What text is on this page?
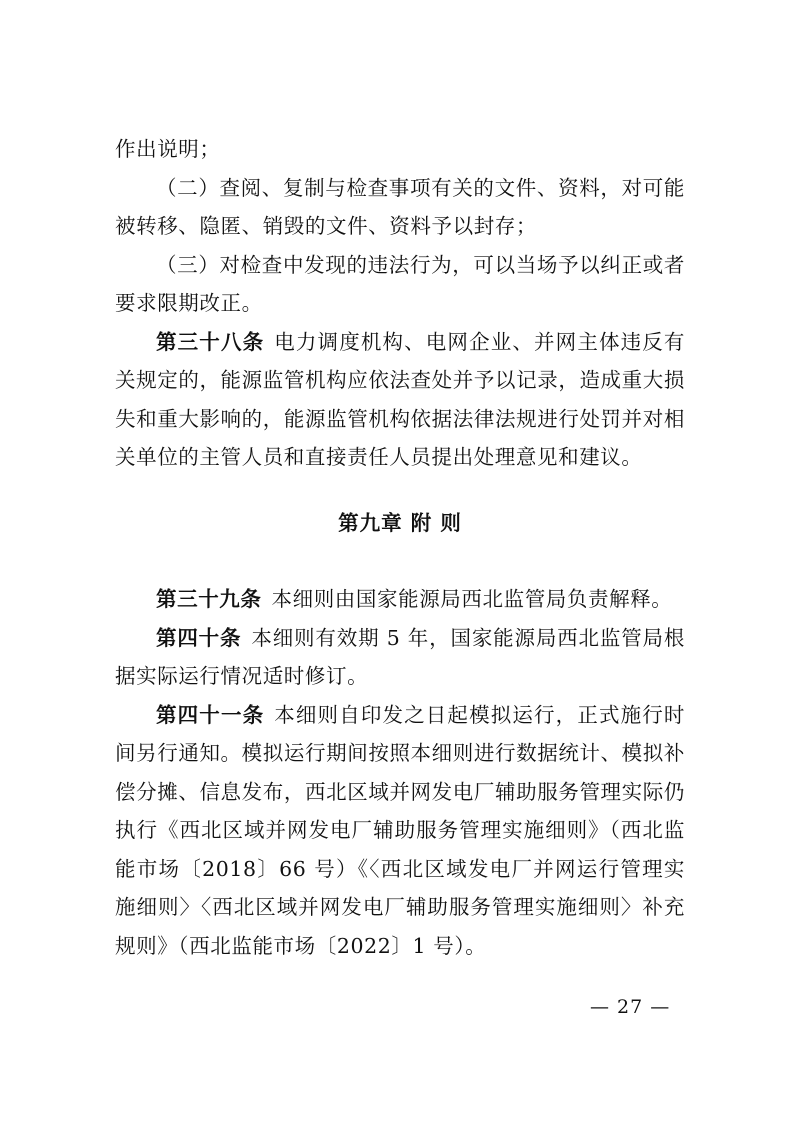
作出说明；

（二）查阅、复制与检查事项有关的文件、资料，对可能被转移、隐匿、销毁的文件、资料予以封存；

（三）对检查中发现的违法行为，可以当场予以纠正或者要求限期改正。

第三十八条 电力调度机构、电网企业、并网主体违反有关规定的，能源监管机构应依法查处并予以记录，造成重大损失和重大影响的，能源监管机构依据法律法规进行处罚并对相关单位的主管人员和直接责任人员提出处理意见和建议。

第九章 附 则

第三十九条 本细则由国家能源局西北监管局负责解释。

第四十条 本细则有效期 5 年，国家能源局西北监管局根据实际运行情况适时修订。

第四十一条 本细则自印发之日起模拟运行，正式施行时间另行通知。模拟运行期间按照本细则进行数据统计、模拟补偿分摊、信息发布，西北区域并网发电厂辅助服务管理实际仍执行《西北区域并网发电厂辅助服务管理实施细则》（西北监能市场〔2018〕66 号）《〈西北区域发电厂并网运行管理实施细则〉〈西北区域并网发电厂辅助服务管理实施细则〉补充规则》（西北监能市场〔2022〕1 号）。

— 27 —
